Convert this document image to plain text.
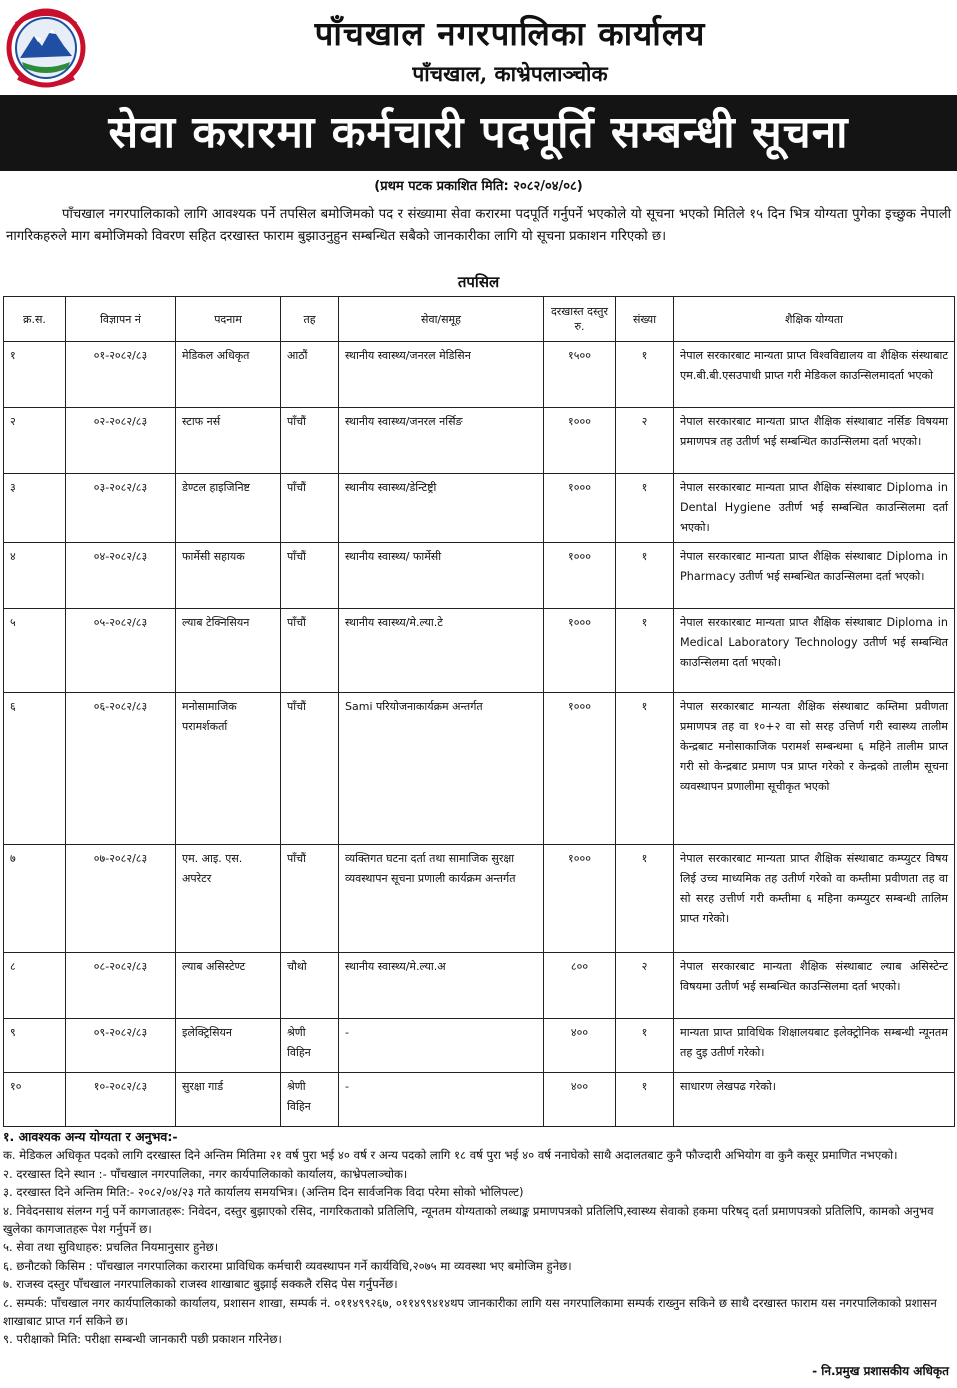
पाँचखाल नगरपालिका कार्यालय
पाँचखाल, काभ्रेपलाञ्चोक
सेवा करारमा कर्मचारी पदपूर्ति सम्बन्धी सूचना
(प्रथम पटक प्रकाशित मिति: २०८२/०४/०८)

पाँचखाल नगरपालिकाको लागि आवश्यक पर्ने तपसिल बमोजिमको पद र संख्यामा सेवा करारमा पदपूर्ति गर्नुपर्ने भएकोले यो सूचना भएको मितिले १५ दिन भित्र योग्यता पुगेका इच्छुक नेपाली नागरिकहरुले माग बमोजिमको विवरण सहित दरखास्त फाराम बुझाउनुहुन सम्बन्धित सबैको जानकारीका लागि यो सूचना प्रकाशन गरिएको छ।

तपसिल
क्र.स.	विज्ञापन नं	पदनाम	तह	सेवा/समूह	दरखास्त दस्तुर रु.	संख्या	शैक्षिक योग्यता
१	०१-२०८२/८३	मेडिकल अधिकृत	आठौं	स्थानीय स्वास्थ्य/जनरल मेडिसिन	१५००	१	नेपाल सरकारबाट मान्यता प्राप्त विश्वविद्यालय वा शैक्षिक संस्थाबाट एम.बी.बी.एसउपाधी प्राप्त गरी मेडिकल काउन्सिलमादर्ता भएको
२	०२-२०८२/८३	स्टाफ नर्स	पाँचौं	स्थानीय स्वास्थ्य/जनरल नर्सिङ	१०००	२	नेपाल सरकारबाट मान्यता प्राप्त शैक्षिक संस्थाबाट नर्सिङ विषयमा प्रमाणपत्र तह उतीर्ण भई सम्बन्धित काउन्सिलमा दर्ता भएको।
३	०३-२०८२/८३	डेण्टल हाइजिनिष्ट	पाँचौं	स्थानीय स्वास्थ्य/डेन्टिष्ट्री	१०००	१	नेपाल सरकारबाट मान्यता प्राप्त शैक्षिक संस्थाबाट Diploma in Dental Hygiene उतीर्ण भई सम्बन्धित काउन्सिलमा दर्ता भएको।
४	०४-२०८२/८३	फार्मेसी सहायक	पाँचौं	स्थानीय स्वास्थ्य/ फार्मेसी	१०००	१	नेपाल सरकारबाट मान्यता प्राप्त शैक्षिक संस्थाबाट Diploma in Pharmacy उतीर्ण भई सम्बन्धित काउन्सिलमा दर्ता भएको।
५	०५-२०८२/८३	ल्याब टेक्निसियन	पाँचौं	स्थानीय स्वास्थ्य/मे.ल्या.टे	१०००	१	नेपाल सरकारबाट मान्यता प्राप्त शैक्षिक संस्थाबाट Diploma in Medical Laboratory Technology उतीर्ण भई सम्बन्धित काउन्सिलमा दर्ता भएको।
६	०६-२०८२/८३	मनोसामाजिक परामर्शकर्ता	पाँचौं	Sami परियोजनाकार्यक्रम अन्तर्गत	१०००	१	नेपाल सरकारबाट मान्यता शैक्षिक संस्थाबाट कम्तिमा प्रवीणता प्रमाणपत्र तह वा १०+२ वा सो सरह उत्तिर्ण गरी स्वास्थ्य तालीम केन्द्रबाट मनोसाकाजिक परामर्श सम्बन्धमा ६ महिने तालीम प्राप्त गरी सो केन्द्रबाट प्रमाण पत्र प्राप्त गरेको र केन्द्रको तालीम सूचना व्यवस्थापन प्रणालीमा सूचीकृत भएको
७	०७-२०८२/८३	एम. आइ. एस. अपरेटर	पाँचौं	व्यक्तिगत घटना दर्ता तथा सामाजिक सुरक्षा व्यवस्थापन सूचना प्रणाली कार्यक्रम अन्तर्गत	१०००	१	नेपाल सरकारबाट मान्यता प्राप्त शैक्षिक संस्थाबाट कम्प्युटर विषय लिई उच्च माध्यमिक तह उतीर्ण गरेको वा कम्तीमा प्रवीणता तह वा सो सरह उत्तीर्ण गरी कम्तीमा ६ महिना कम्प्युटर सम्बन्धी तालिम प्राप्त गरेको।
८	०८-२०८२/८३	ल्याब असिस्टेण्ट	चौथो	स्थानीय स्वास्थ्य/मे.ल्या.अ	८००	२	नेपाल सरकारबाट मान्यता शैक्षिक संस्थाबाट ल्याब असिस्टेन्ट विषयमा उतीर्ण भई सम्बन्धित काउन्सिलमा दर्ता भएको।
९	०९-२०८२/८३	इलेक्ट्रिसियन	श्रेणी विहिन	-	४००	१	मान्यता प्राप्त प्राविधिक शिक्षालयबाट इलेक्ट्रोनिक सम्बन्धी न्यूनतम तह दुइ उतीर्ण गरेको।
१०	१०-२०८२/८३	सुरक्षा गार्ड	श्रेणी विहिन	-	४००	१	साधारण लेखपढ गरेको।

१. आवश्यक अन्य योग्यता र अनुभव:-

क. मेडिकल अधिकृत पदको लागि दरखास्त दिने अन्तिम मितिमा २१ वर्ष पुरा भई ४० वर्ष र अन्य पदको लागि १८ वर्ष पुरा भई ४० वर्ष ननाघेको साथै अदालतबाट कुनै फौज्दारी अभियोग वा कुनै कसूर प्रमाणित नभएको।

२. दरखास्त दिने स्थान :- पाँचखाल नगरपालिका, नगर कार्यपालिकाको कार्यालय, काभ्रेपलाञ्चोक।

३. दरखास्त दिने अन्तिम मिति:- २०८२/०४/२३ गते कार्यालय समयभित्र। (अन्तिम दिन सार्वजनिक विदा परेमा सोको भोलिपल्ट)

४. निवेदनसाथ संलग्न गर्नु पर्ने कागजातहरू: निवेदन, दस्तुर बुझाएको रसिद, नागरिकताको प्रतिलिपि, न्यूनतम योग्यताको लब्धाङ्क प्रमाणपत्रको प्रतिलिपि,स्वास्थ्य सेवाको हकमा परिषद् दर्ता प्रमाणपत्रको प्रतिलिपि, कामको अनुभव खुलेका कागजातहरू पेश गर्नुपर्ने छ।

५. सेवा तथा सुविधाहरु: प्रचलित नियमानुसार हुनेछ।

६. छनौटको किसिम : पाँचखाल नगरपालिका करारमा प्राविधिक कर्मचारी व्यवस्थापन गर्ने कार्यविधि,२०७५ मा व्यवस्था भए बमोजिम हुनेछ।

७. राजस्व दस्तुर पाँचखाल नगरपालिकाको राजस्व शाखाबाट बुझाई सक्कलै रसिद पेस गर्नुपर्नेछ।

८. सम्पर्क: पाँचखाल नगर कार्यपालिकाको कार्यालय, प्रशासन शाखा, सम्पर्क नं. ०११४९९२६७, ०११४९९४१४थप जानकारीका लागि यस नगरपालिकामा सम्पर्क राख्नुन सकिने छ साथै दरखास्त फाराम यस नगरपालिकाको प्रशासन शाखाबाट प्राप्त गर्न सकिने छ।

९. परीक्षाको मिति: परीक्षा सम्बन्धी जानकारी पछी प्रकाशन गरिनेछ।

- नि.प्रमुख प्रशासकीय अधिकृत
